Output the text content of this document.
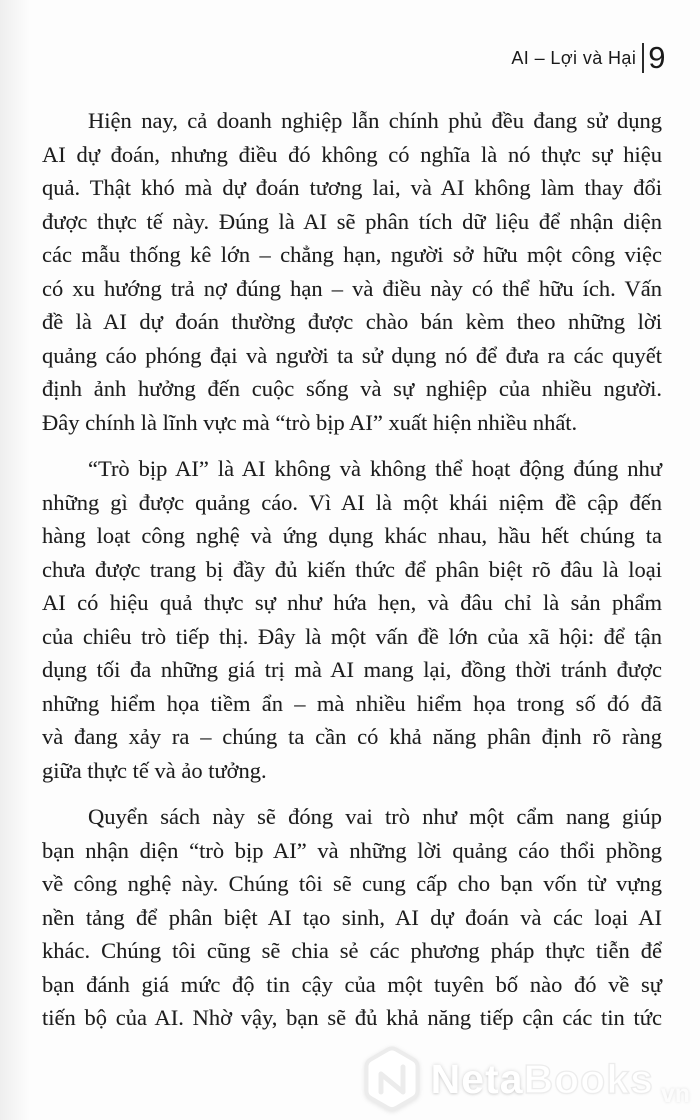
AI – Lợi và Hại 9

Hiện nay, cả doanh nghiệp lẫn chính phủ đều đang sử dụng
AI dự đoán, nhưng điều đó không có nghĩa là nó thực sự hiệu
quả. Thật khó mà dự đoán tương lai, và AI không làm thay đổi
được thực tế này. Đúng là AI sẽ phân tích dữ liệu để nhận diện
các mẫu thống kê lớn – chẳng hạn, người sở hữu một công việc
có xu hướng trả nợ đúng hạn – và điều này có thể hữu ích. Vấn
đề là AI dự đoán thường được chào bán kèm theo những lời
quảng cáo phóng đại và người ta sử dụng nó để đưa ra các quyết
định ảnh hưởng đến cuộc sống và sự nghiệp của nhiều người.
Đây chính là lĩnh vực mà “trò bịp AI” xuất hiện nhiều nhất.

“Trò bịp AI” là AI không và không thể hoạt động đúng như
những gì được quảng cáo. Vì AI là một khái niệm đề cập đến
hàng loạt công nghệ và ứng dụng khác nhau, hầu hết chúng ta
chưa được trang bị đầy đủ kiến thức để phân biệt rõ đâu là loại
AI có hiệu quả thực sự như hứa hẹn, và đâu chỉ là sản phẩm
của chiêu trò tiếp thị. Đây là một vấn đề lớn của xã hội: để tận
dụng tối đa những giá trị mà AI mang lại, đồng thời tránh được
những hiểm họa tiềm ẩn – mà nhiều hiểm họa trong số đó đã
và đang xảy ra – chúng ta cần có khả năng phân định rõ ràng
giữa thực tế và ảo tưởng.

Quyển sách này sẽ đóng vai trò như một cẩm nang giúp
bạn nhận diện “trò bịp AI” và những lời quảng cáo thổi phồng
về công nghệ này. Chúng tôi sẽ cung cấp cho bạn vốn từ vựng
nền tảng để phân biệt AI tạo sinh, AI dự đoán và các loại AI
khác. Chúng tôi cũng sẽ chia sẻ các phương pháp thực tiễn để
bạn đánh giá mức độ tin cậy của một tuyên bố nào đó về sự
tiến bộ của AI. Nhờ vậy, bạn sẽ đủ khả năng tiếp cận các tin tức

Neta Books vn
